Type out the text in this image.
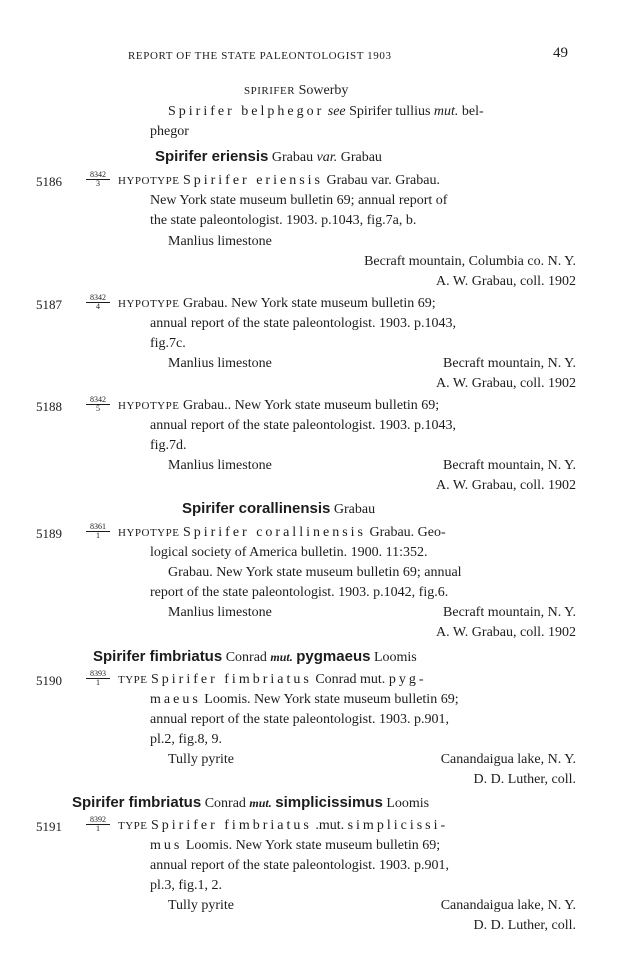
REPORT OF THE STATE PALEONTOLOGIST 1903	49
SPIRIFER Sowerby
Spirifer belphegor see Spirifer tullius mut. bel-
phegor
Spirifer eriensis Grabau var. Grabau
5186	$\frac{8342}{3}$ HYPOTYPE Spirifer eriensis Grabau var. Grabau.
New York state museum bulletin 69; annual report of
the state paleontologist. 1903. p.1043, fig.7a, b.
Manlius limestone
Becraft mountain, Columbia co. N. Y.
A. W. Grabau, coll. 1902
5187	$\frac{8342}{4}$ HYPOTYPE Grabau. New York state museum bulletin 69;
annual report of the state paleontologist. 1903. p.1043,
fig.7c.
Manlius limestone	Becraft mountain, N. Y.
A. W. Grabau, coll. 1902
5188	$\frac{8342}{5}$ HYPOTYPE Grabau.. New York state museum bulletin 69;
annual report of the state paleontologist. 1903. p.1043,
fig.7d.
Manlius limestone	Becraft mountain, N. Y.
A. W. Grabau, coll. 1902
Spirifer corallinensis Grabau
5189	$\frac{8361}{1}$ HYPOTYPE Spirifer corallinensis Grabau. Geo-
logical society of America bulletin. 1900. 11:352.
Grabau. New York state museum bulletin 69; annual
report of the state paleontologist. 1903. p.1042, fig.6.
Manlius limestone	Becraft mountain, N. Y.
A. W. Grabau, coll. 1902
Spirifer fimbriatus Conrad mut. pygmaeus Loomis
5190	$\frac{8393}{1}$ TYPE Spirifer fimbriatus Conrad mut. pyg-
maeus Loomis. New York state museum bulletin 69;
annual report of the state paleontologist. 1903. p.901,
pl.2, fig.8, 9.
Tully pyrite	Canandaigua lake, N. Y.
D. D. Luther, coll.
Spirifer fimbriatus Conrad mut. simplicissimus Loomis
5191	$\frac{8392}{1}$ TYPE Spirifer fimbriatus .mut. simplicissi-
mus Loomis. New York state museum bulletin 69;
annual report of the state paleontologist. 1903. p.901,
pl.3, fig.1, 2.
Tully pyrite	Canandaigua lake, N. Y.
D. D. Luther, coll.
